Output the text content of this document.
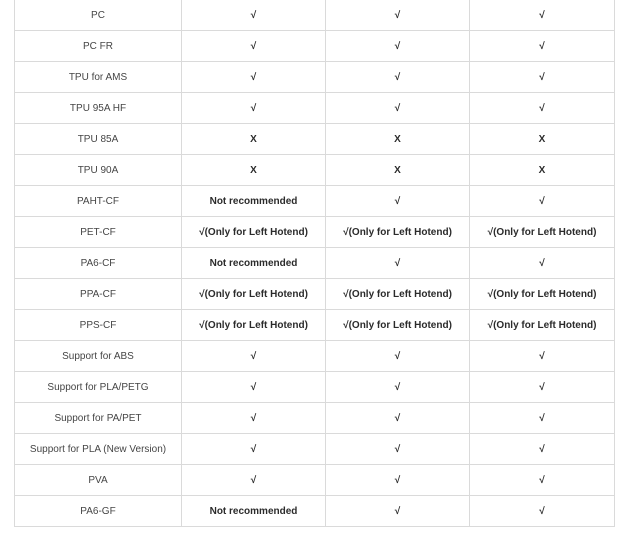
PC	√	√	√
PC FR	√	√	√
TPU for AMS	√	√	√
TPU 95A HF	√	√	√
TPU 85A	X	X	X
TPU 90A	X	X	X
PAHT-CF	Not recommended	√	√
PET-CF	√(Only for Left Hotend)	√(Only for Left Hotend)	√(Only for Left Hotend)
PA6-CF	Not recommended	√	√
PPA-CF	√(Only for Left Hotend)	√(Only for Left Hotend)	√(Only for Left Hotend)
PPS-CF	√(Only for Left Hotend)	√(Only for Left Hotend)	√(Only for Left Hotend)
Support for ABS	√	√	√
Support for PLA/PETG	√	√	√
Support for PA/PET	√	√	√
Support for PLA (New Version)	√	√	√
PVA	√	√	√
PA6-GF	Not recommended	√	√
